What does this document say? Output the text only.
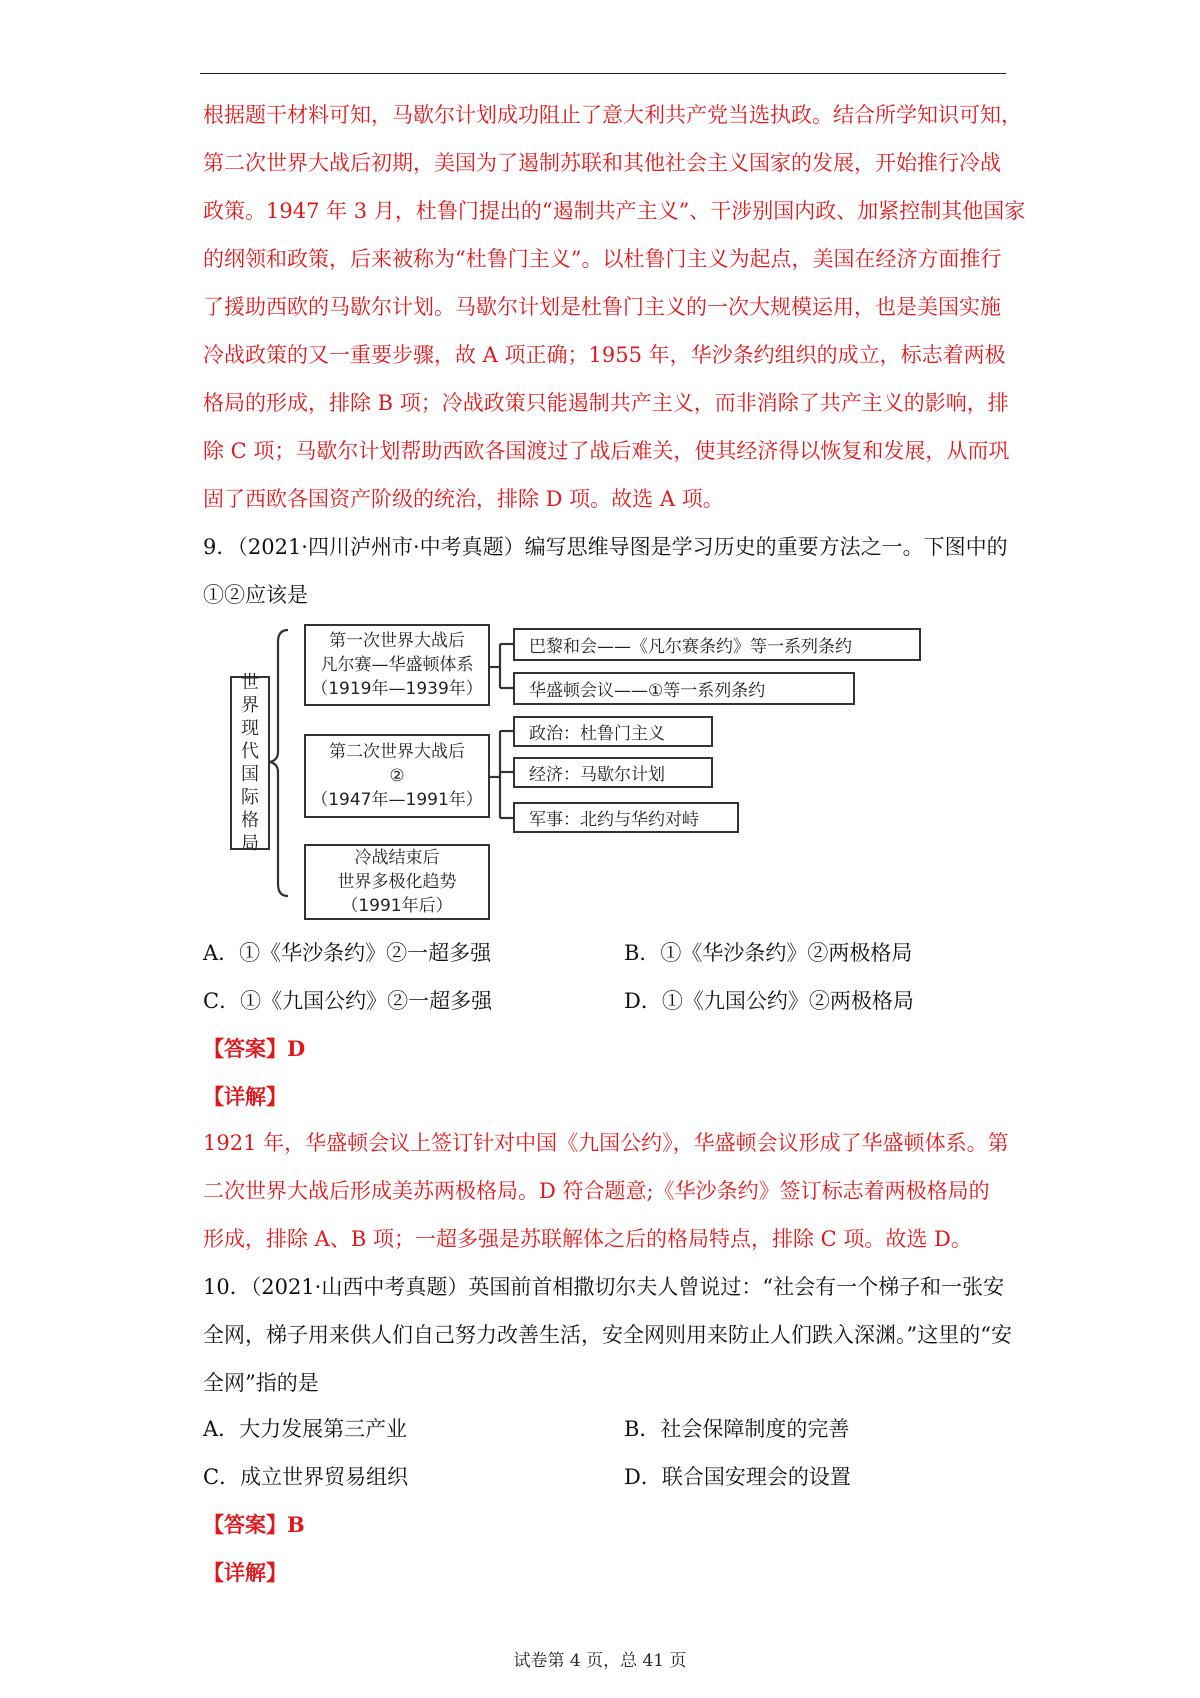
根据题干材料可知，马歇尔计划成功阻止了意大利共产党当选执政。结合所学知识可知，
第二次世界大战后初期，美国为了遏制苏联和其他社会主义国家的发展，开始推行冷战
政策。1947 年 3 月，杜鲁门提出的“遏制共产主义”、干涉别国内政、加紧控制其他国家
的纲领和政策，后来被称为“杜鲁门主义”。以杜鲁门主义为起点，美国在经济方面推行
了援助西欧的马歇尔计划。马歇尔计划是杜鲁门主义的一次大规模运用，也是美国实施
冷战政策的又一重要步骤，故 A 项正确；1955 年，华沙条约组织的成立，标志着两极
格局的形成，排除 B 项；冷战政策只能遏制共产主义，而非消除了共产主义的影响，排
除 C 项；马歇尔计划帮助西欧各国渡过了战后难关，使其经济得以恢复和发展，从而巩
固了西欧各国资产阶级的统治，排除 D 项。故选 A 项。
9．（2021·四川泸州市·中考真题）编写思维导图是学习历史的重要方法之一。下图中的
①②应该是
世
界
现
代
国
际
格
局
第一次世界大战后
凡尔赛—华盛顿体系
（1919年—1939年）
第二次世界大战后
②
（1947年—1991年）
冷战结束后
世界多极化趋势
（1991年后）
巴黎和会——《凡尔赛条约》等一系列条约
华盛顿会议——①等一系列条约
政治：杜鲁门主义
经济：马歇尔计划
军事：北约与华约对峙
A．①《华沙条约》②一超多强	B．①《华沙条约》②两极格局
C．①《九国公约》②一超多强	D．①《九国公约》②两极格局
【答案】D
【详解】
1921 年，华盛顿会议上签订针对中国《九国公约》，华盛顿会议形成了华盛顿体系。第
二次世界大战后形成美苏两极格局。D 符合题意;《华沙条约》签订标志着两极格局的
形成，排除 A、B 项；一超多强是苏联解体之后的格局特点，排除 C 项。故选 D。
10．（2021·山西中考真题）英国前首相撒切尔夫人曾说过：“社会有一个梯子和一张安
全网，梯子用来供人们自己努力改善生活，安全网则用来防止人们跌入深渊。”这里的“安
全网”指的是
A．大力发展第三产业	B．社会保障制度的完善
C．成立世界贸易组织	D．联合国安理会的设置
【答案】B
【详解】
试卷第 4 页，总 41 页
